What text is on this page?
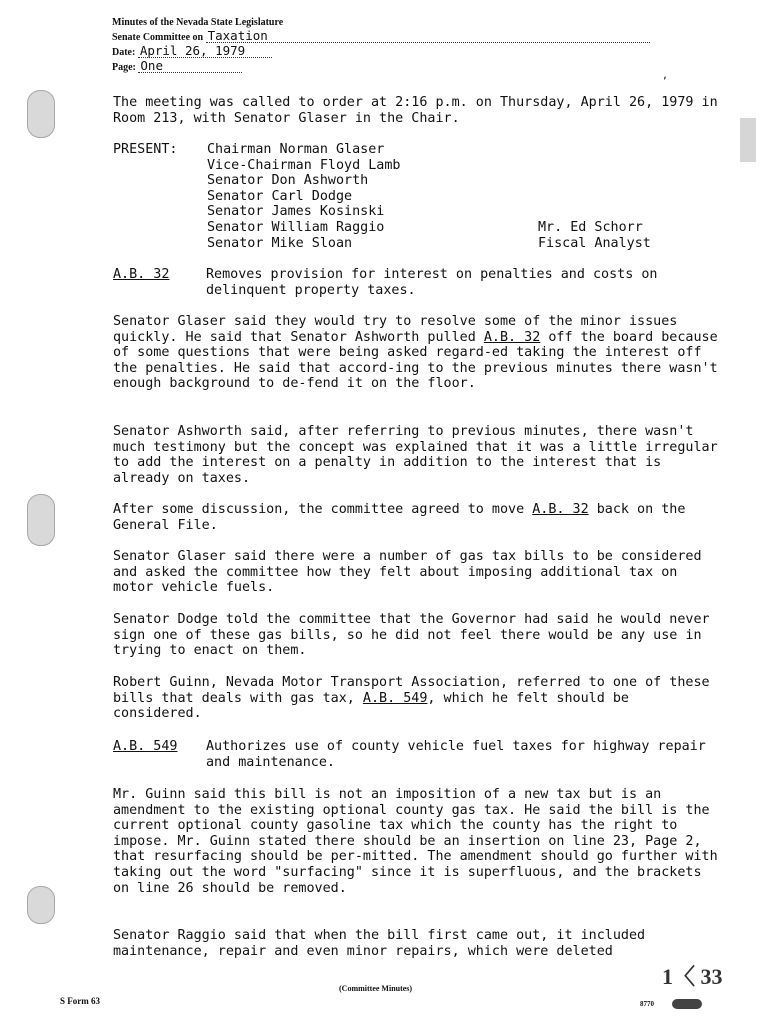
Minutes of the Nevada State Legislature
Senate Committee on Taxation
Date: April 26, 1979
Page: One
,
The meeting was called to order at 2:16 p.m. on Thursday, April 26, 1979 in Room 213, with Senator Glaser in the Chair.
PRESENT: Chairman Norman Glaser
Vice-Chairman Floyd Lamb
Senator Don Ashworth
Senator Carl Dodge
Senator James Kosinski
Senator William Raggio
Senator Mike Sloan
Mr. Ed Schorr
Fiscal Analyst
A.B. 32	Removes provision for interest on penalties and costs on delinquent property taxes.

Senator Glaser said they would try to resolve some of the minor issues quickly. He said that Senator Ashworth pulled A.B. 32 off the board because of some questions that were being asked regard-ed taking the interest off the penalties. He said that accord-ing to the previous minutes there wasn't enough background to de-fend it on the floor.

Senator Ashworth said, after referring to previous minutes, there wasn't much testimony but the concept was explained that it was a little irregular to add the interest on a penalty in addition to the interest that is already on taxes.

After some discussion, the committee agreed to move A.B. 32 back on the General File.

Senator Glaser said there were a number of gas tax bills to be considered and asked the committee how they felt about imposing additional tax on motor vehicle fuels.
Senator Dodge told the committee that the Governor had said he would never sign one of these gas bills, so he did not feel there would be any use in trying to enact on them.

Robert Guinn, Nevada Motor Transport Association, referred to one of these bills that deals with gas tax, A.B. 549, which he felt should be considered.

A.B. 549 Authorizes use of county vehicle fuel taxes for highway repair and maintenance.
Mr. Guinn said this bill is not an imposition of a new tax but is an amendment to the existing optional county gas tax. He said the bill is the current optional county gasoline tax which the county has the right to impose. Mr. Guinn stated there should be an insertion on line 23, Page 2, that resurfacing should be per-mitted. The amendment should go further with taking out the word "surfacing" since it is superfluous, and the brackets on line 26 should be removed.
Senator Raggio said that when the bill first came out, it included maintenance, repair and even minor repairs, which were deleted
1〈 33
S Form 63
(Committee Minutes)
8770
